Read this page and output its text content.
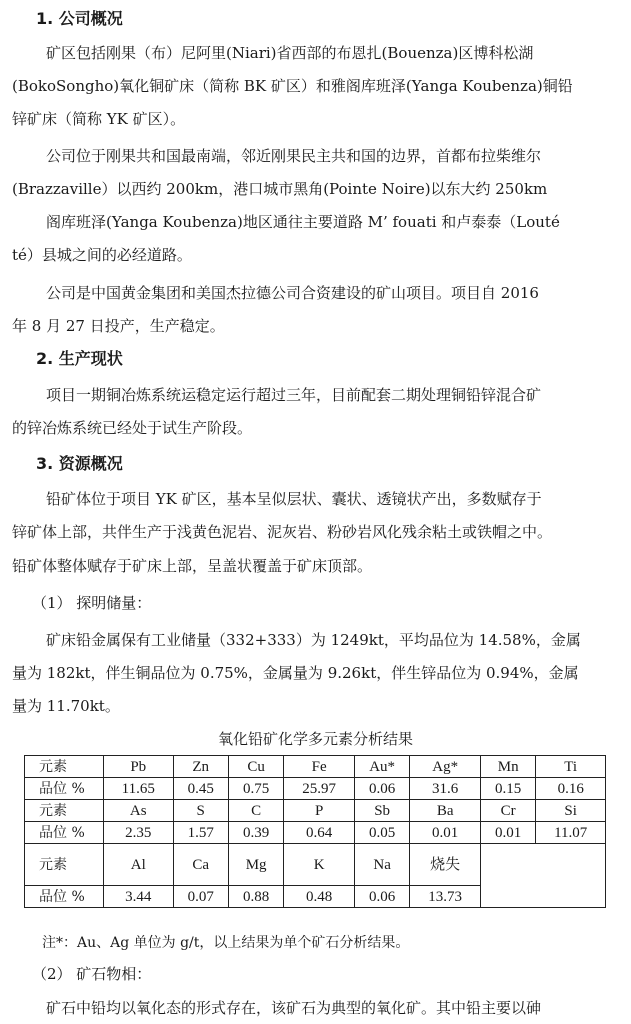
1. 公司概况
矿区包括刚果（布）尼阿里(Niari)省西部的布恩扎(Bouenza)区博科松湖
(BokoSongho)氧化铜矿床（简称 BK 矿区）和雅阁库班泽(Yanga Koubenza)铜铅
锌矿床（简称 YK 矿区）。
公司位于刚果共和国最南端，邻近刚果民主共和国的边界，首都布拉柴维尔
(Brazzaville）以西约 200km，港口城市黑角(Pointe Noire)以东大约 250km
阁库班泽(Yanga Koubenza)地区通往主要道路 M’ fouati 和卢泰泰（Louté
té）县城之间的必经道路。
公司是中国黄金集团和美国杰拉德公司合资建设的矿山项目。项目自 2016
年 8 月 27 日投产，生产稳定。
2. 生产现状
项目一期铜冶炼系统运稳定运行超过三年，目前配套二期处理铜铅锌混合矿
的锌冶炼系统已经处于试生产阶段。
3. 资源概况
铅矿体位于项目 YK 矿区，基本呈似层状、囊状、透镜状产出，多数赋存于
锌矿体上部，共伴生产于浅黄色泥岩、泥灰岩、粉砂岩风化残余粘土或铁帽之中。
铅矿体整体赋存于矿床上部，呈盖状覆盖于矿床顶部。
（1） 探明储量：
矿床铅金属保有工业储量（332+333）为 1249kt，平均品位为 14.58%，金属
量为 182kt，伴生铜品位为 0.75%，金属量为 9.26kt，伴生锌品位为 0.94%，金属
量为 11.70kt。
氧化铅矿化学多元素分析结果
元素	Pb	Zn	Cu	Fe	Au*	Ag*	Mn	Ti
品位 %	11.65	0.45	0.75	25.97	0.06	31.6	0.15	0.16
元素	As	S	C	P	Sb	Ba	Cr	Si
品位 %	2.35	1.57	0.39	0.64	0.05	0.01	0.01	11.07
元素	Al	Ca	Mg	K	Na	烧失		
品位 %	3.44	0.07	0.88	0.48	0.06	13.73		
注*：Au、Ag 单位为 g/t，以上结果为单个矿石分析结果。
（2） 矿石物相：
矿石中铅均以氧化态的形式存在，该矿石为典型的氧化矿。其中铅主要以砷
